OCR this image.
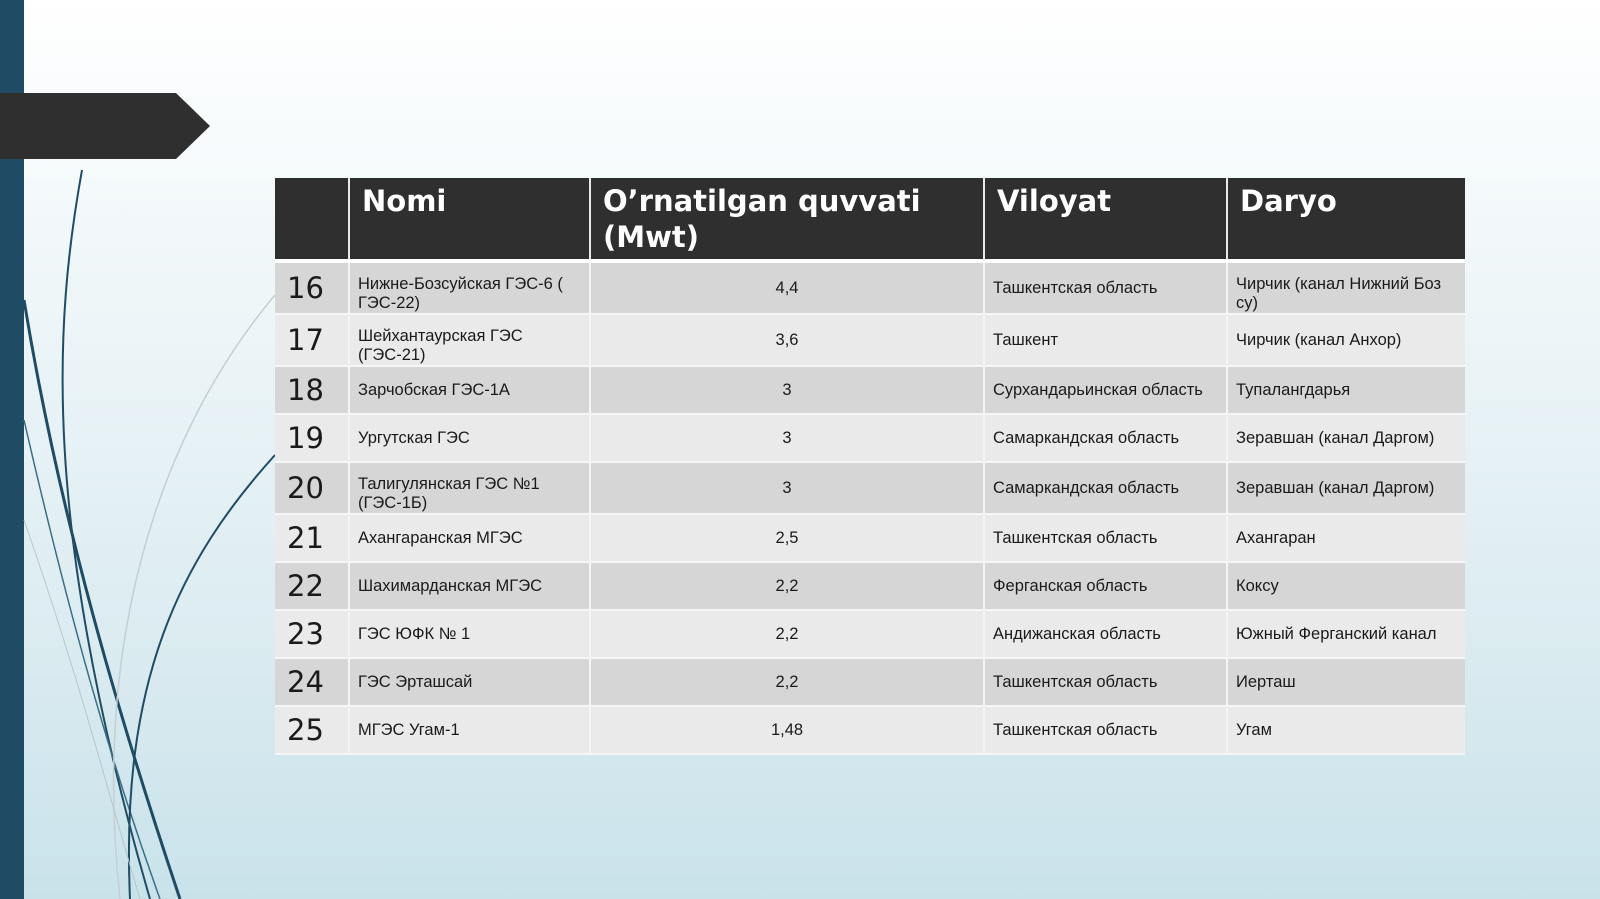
	Nomi	O’rnatilgan quvvati (Mwt)	Viloyat	Daryo
16	Нижне-Бозсуйская ГЭС-6 ( ГЭС-22)	4,4	Ташкентская область	Чирчик (канал Нижний Боз су)

17	Шейхантаурская ГЭС (ГЭС-21)	3,6	Ташкент	Чирчик (канал Анхор)
18	Зарчобская ГЭС-1А	3	Сурхандарьинская область	Тупалангдарья
19	Ургутская ГЭС	3	Самаркандская область	Зеравшан (канал Даргом)
20	Талигулянская ГЭС №1 (ГЭС-1Б)	3	Самаркандская область	Зеравшан (канал Даргом)
21	Ахангаранская МГЭС	2,5	Ташкентская область	Ахангаран
22	Шахимарданская МГЭС	2,2	Ферганская область	Коксу
23	ГЭС ЮФК № 1	2,2	Андижанская область	Южный Ферганский канал
24	ГЭС Эрташсай	2,2	Ташкентская область	Иерташ
25	МГЭС Угам-1	1,48	Ташкентская область	Угам
